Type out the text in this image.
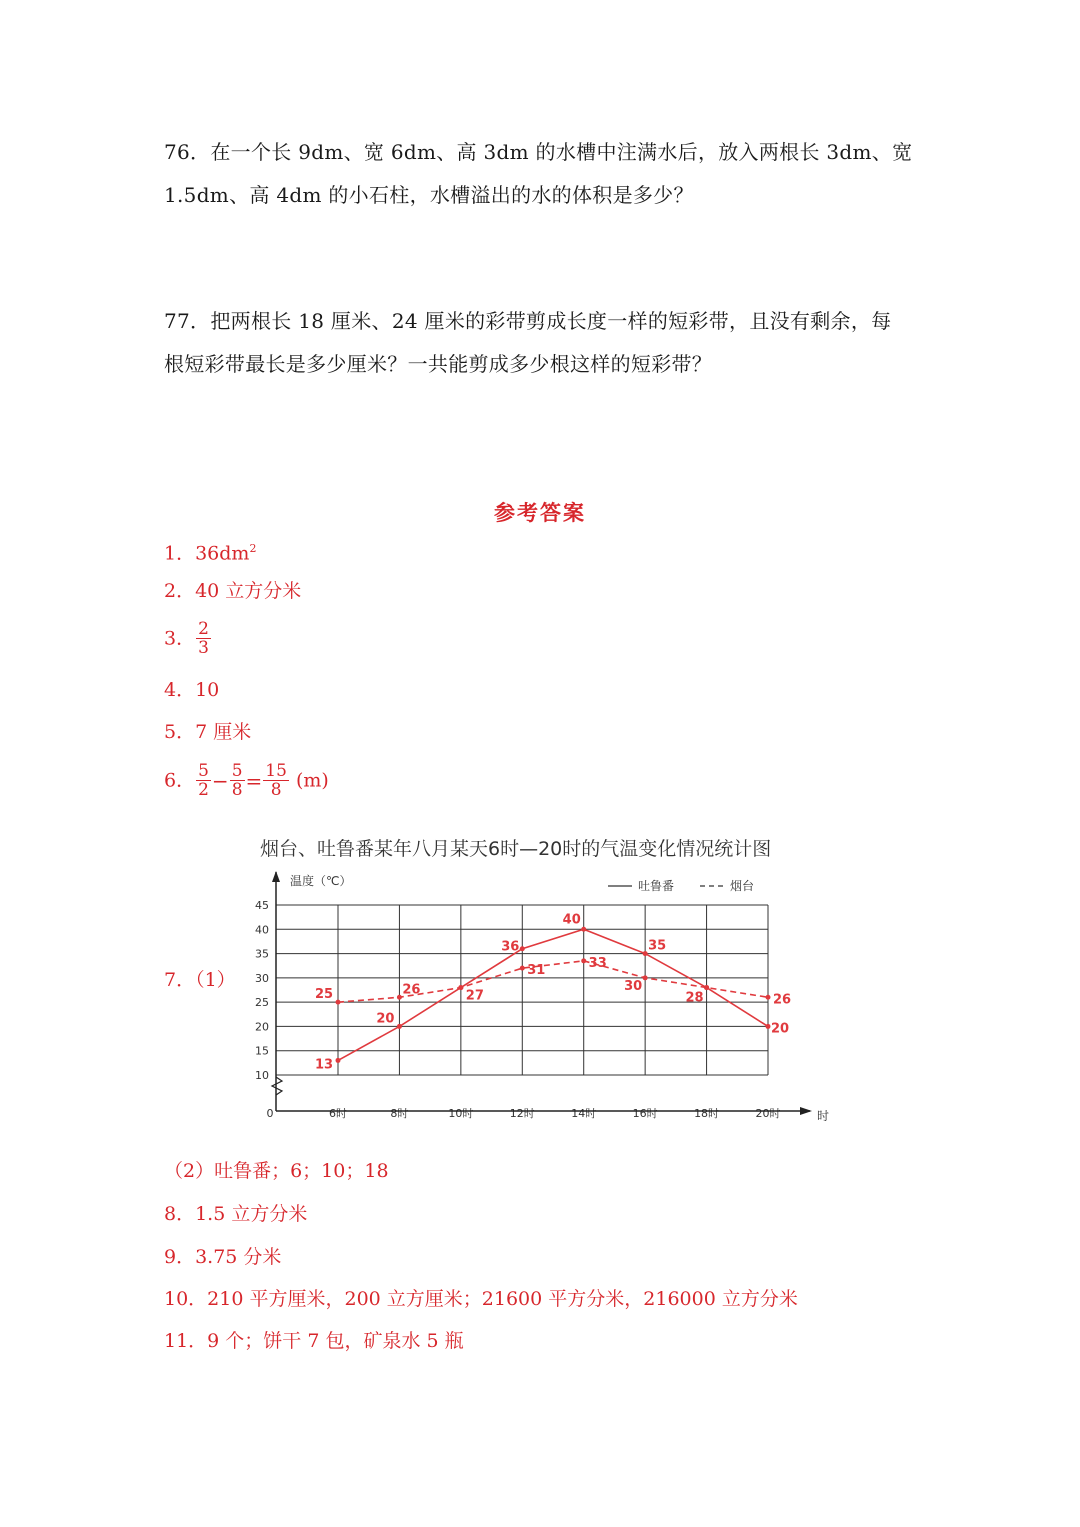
76．在一个长 9dm、宽 6dm、高 3dm 的水槽中注满水后，放入两根长 3dm、宽
1.5dm、高 4dm 的小石柱，水槽溢出的水的体积是多少？
77．把两根长 18 厘米、24 厘米的彩带剪成长度一样的短彩带，且没有剩余，每
根短彩带最长是多少厘米？一共能剪成多少根这样的短彩带？
参考答案
1．$36dm^2$
2．40 立方分米
3． $\frac{2}{3}$
4．10
5．7 厘米
6． $\frac{5}{2} - \frac{5}{8} = \frac{15}{8} (m)$
7．（1）
烟台、吐鲁番某年八月某天6时—20时的气温变化情况统计图
吐鲁番	烟台
10
15
20
25
30
35
40
45
6时	8时	10时	12时	14时	16时	18时	20时
温度（℃）
时
0
13
20
27
36
40
35
28
20
25	26
31	33
30
26
（2）吐鲁番；6；10；18
8．1.5 立方分米
9．3.75 分米
10．210 平方厘米，200 立方厘米；21600 平方分米，216000 立方分米
11．9 个；饼干 7 包，矿泉水 5 瓶
